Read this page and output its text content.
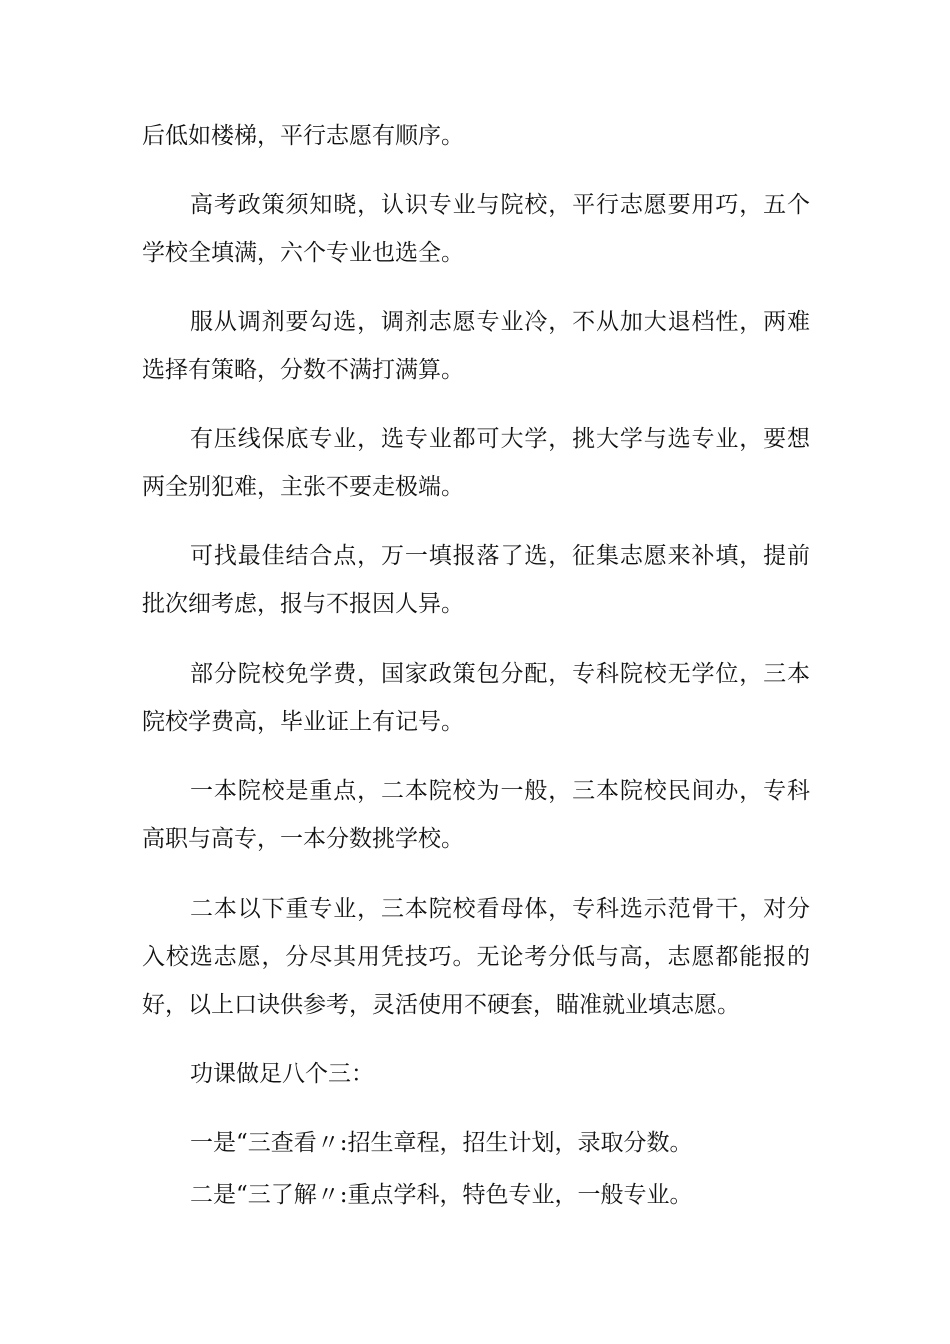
后低如楼梯，平行志愿有顺序。

高考政策须知晓，认识专业与院校，平行志愿要用巧，五个学校全填满，六个专业也选全。

服从调剂要勾选，调剂志愿专业冷，不从加大退档性，两难选择有策略，分数不满打满算。

有压线保底专业，选专业都可大学，挑大学与选专业，要想两全别犯难，主张不要走极端。

可找最佳结合点，万一填报落了选，征集志愿来补填，提前批次细考虑，报与不报因人异。

部分院校免学费，国家政策包分配，专科院校无学位，三本院校学费高，毕业证上有记号。

一本院校是重点，二本院校为一般，三本院校民间办，专科高职与高专，一本分数挑学校。

二本以下重专业，三本院校看母体，专科选示范骨干，对分入校选志愿，分尽其用凭技巧。无论考分低与高，志愿都能报的好，以上口诀供参考，灵活使用不硬套，瞄准就业填志愿。

功课做足八个三：

一是“三查看〃:招生章程，招生计划，录取分数。

二是“三了解〃:重点学科，特色专业，一般专业。
